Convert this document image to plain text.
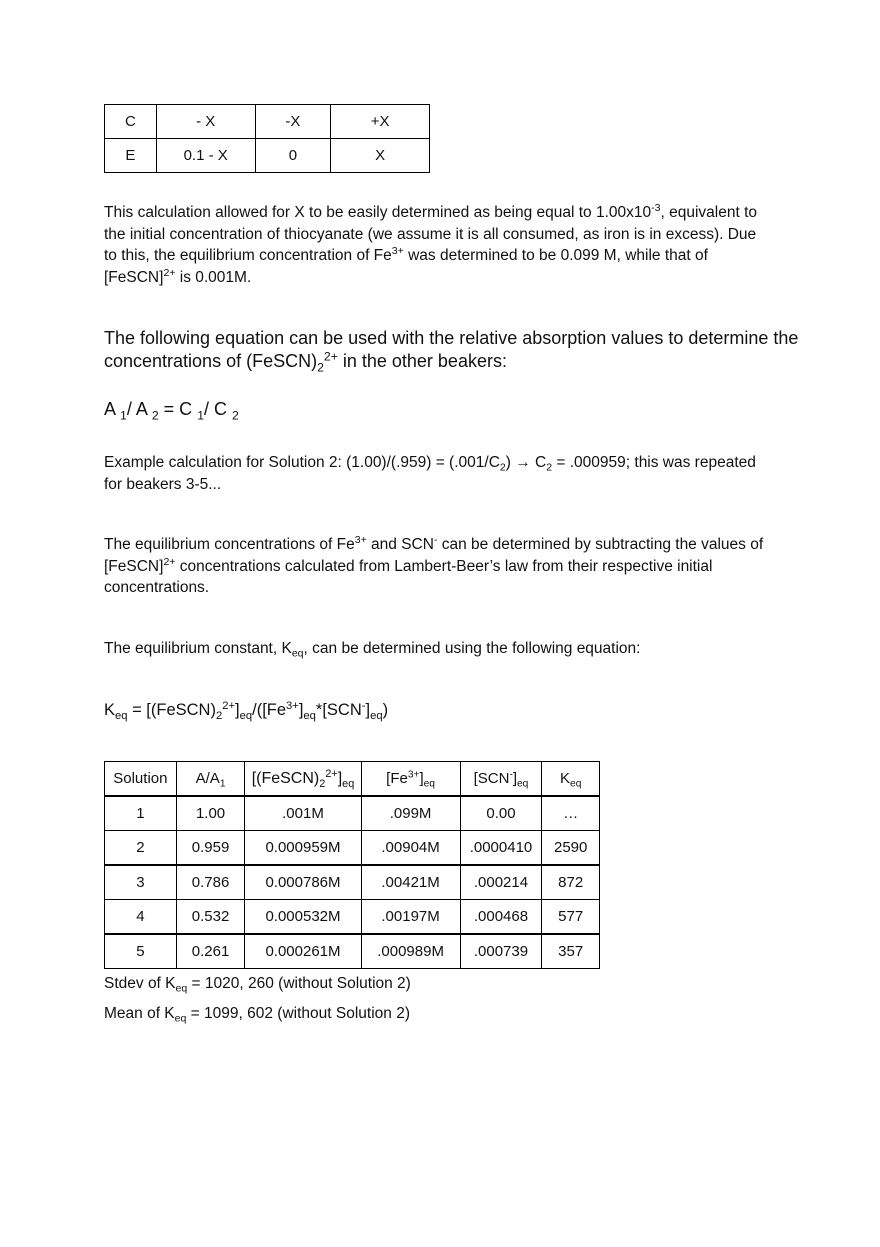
C	- X	-X	+X
E	0.1 - X	0	X
This calculation allowed for X to be easily determined as being equal to $1.00x10^{-3}$, equivalent to
the initial concentration of thiocyanate (we assume it is all consumed, as iron is in excess). Due
to this, the equilibrium concentration of $Fe^{3+}$ was determined to be 0.099 M, while that of
[FeSCN]$^{2+}$ is 0.001M.
The following equation can be used with the relative absorption values to determine the
concentrations of $(FeSCN)_2^{2+}$ in the other beakers:
A $_1$/ A $_2$ = C $_1$/ C $_2$
Example calculation for Solution 2: $(1.00)/(.959) = (.001/C_2) \to C_2 = .000959$; this was repeated
for beakers 3-5...
The equilibrium concentrations of $Fe^{3+}$ and SCN- can be determined by subtracting the values of
[FeSCN]$^{2+}$ concentrations calculated from Lambert-Beer’s law from their respective initial
concentrations.
The equilibrium constant, $K_{eq}$, can be determined using the following equation:
$K_{eq}$ = $[(FeSCN)_2^{2+}]_{eq}/([Fe^{3+}]_{eq}*[SCN^-]_{eq})$
Solution	$A/A_1$	$[(FeSCN)_2^{2+}]_{eq}$	$[Fe^{3+}]_{eq}$	$[SCN^-]_{eq}$	$K_{eq}$
1	1.00	.001M	.099M	0.00	…
2	0.959	0.000959M	.00904M	.0000410	2590
3	0.786	0.000786M	.00421M	.000214	872
4	0.532	0.000532M	.00197M	.000468	577
5	0.261	0.000261M	.000989M	.000739	357
Stdev of $K_{eq} = 1020$, 260 (without Solution 2)
Mean of $K_{eq} = 1099$, 602 (without Solution 2)
